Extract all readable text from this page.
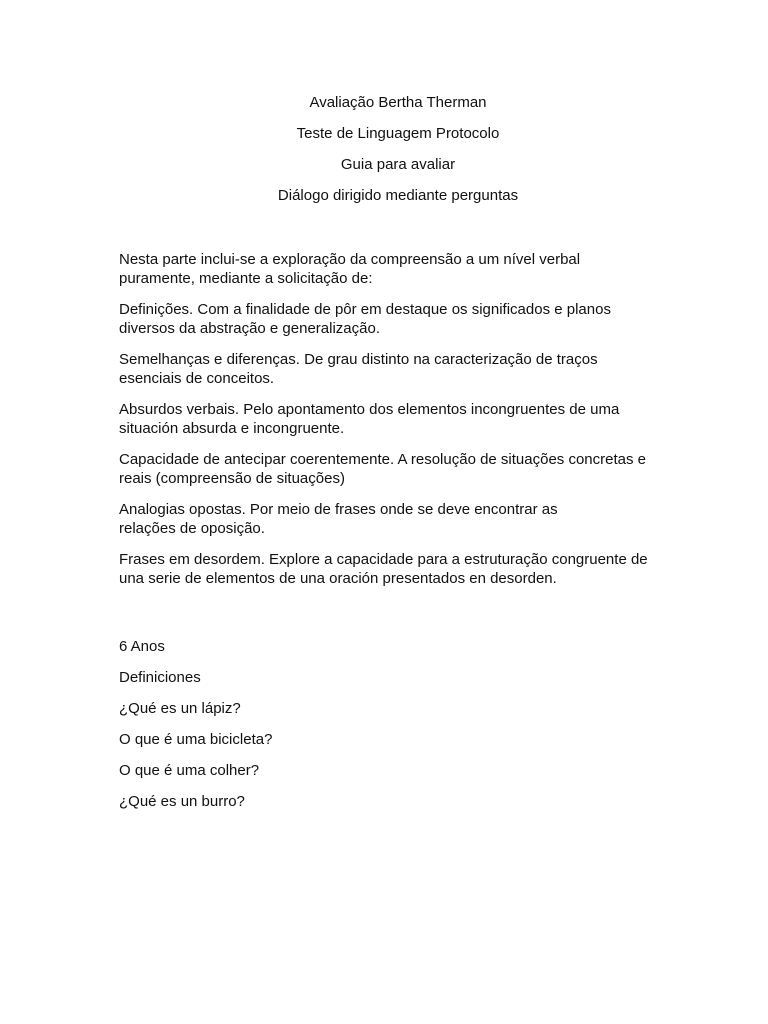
Avaliação Bertha Therman
Teste de Linguagem Protocolo
Guia para avaliar
Diálogo dirigido mediante perguntas

Nesta parte inclui-se a exploração da compreensão a um nível verbal
puramente, mediante a solicitação de:

Definições. Com a finalidade de pôr em destaque os significados e planos
diversos da abstração e generalização.

Semelhanças e diferenças. De grau distinto na caracterização de traços
esenciais de conceitos.

Absurdos verbais. Pelo apontamento dos elementos incongruentes de uma
situación absurda e incongruente.

Capacidade de antecipar coerentemente. A resolução de situações concretas e
reais (compreensão de situações)

Analogias opostas. Por meio de frases onde se deve encontrar as
relações de oposição.

Frases em desordem. Explore a capacidade para a estruturação congruente de
una serie de elementos de una oración presentados en desorden.

6 Anos
Definiciones
¿Qué es un lápiz?
O que é uma bicicleta?
O que é uma colher?
¿Qué es un burro?
